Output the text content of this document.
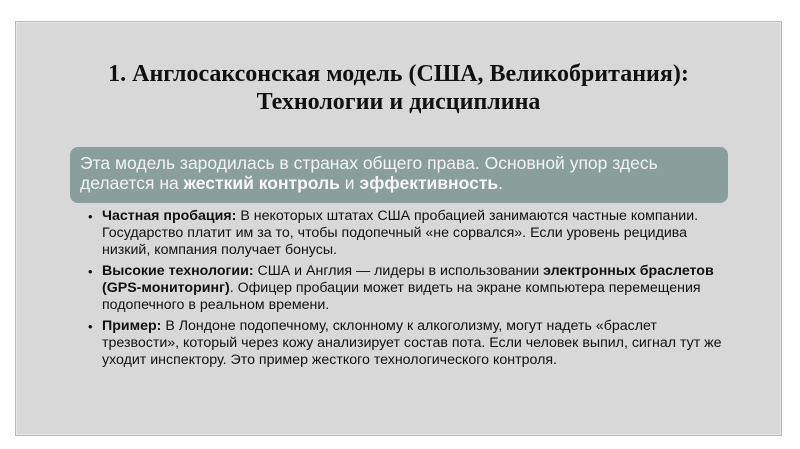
1. Англосаксонская модель (США, Великобритания):
Технологии и дисциплина
Эта модель зародилась в странах общего права. Основной упор здесь делается на жесткий контроль и эффективность.
• Частная пробация: В некоторых штатах США пробацией занимаются частные компании. Государство платит им за то, чтобы подопечный «не сорвался». Если уровень рецидива низкий, компания получает бонусы.
• Высокие технологии: США и Англия — лидеры в использовании электронных браслетов (GPS-мониторинг). Офицер пробации может видеть на экране компьютера перемещения подопечного в реальном времени.
• Пример: В Лондоне подопечному, склонному к алкоголизму, могут надеть «браслет трезвости», который через кожу анализирует состав пота. Если человек выпил, сигнал тут же уходит инспектору. Это пример жесткого технологического контроля.
